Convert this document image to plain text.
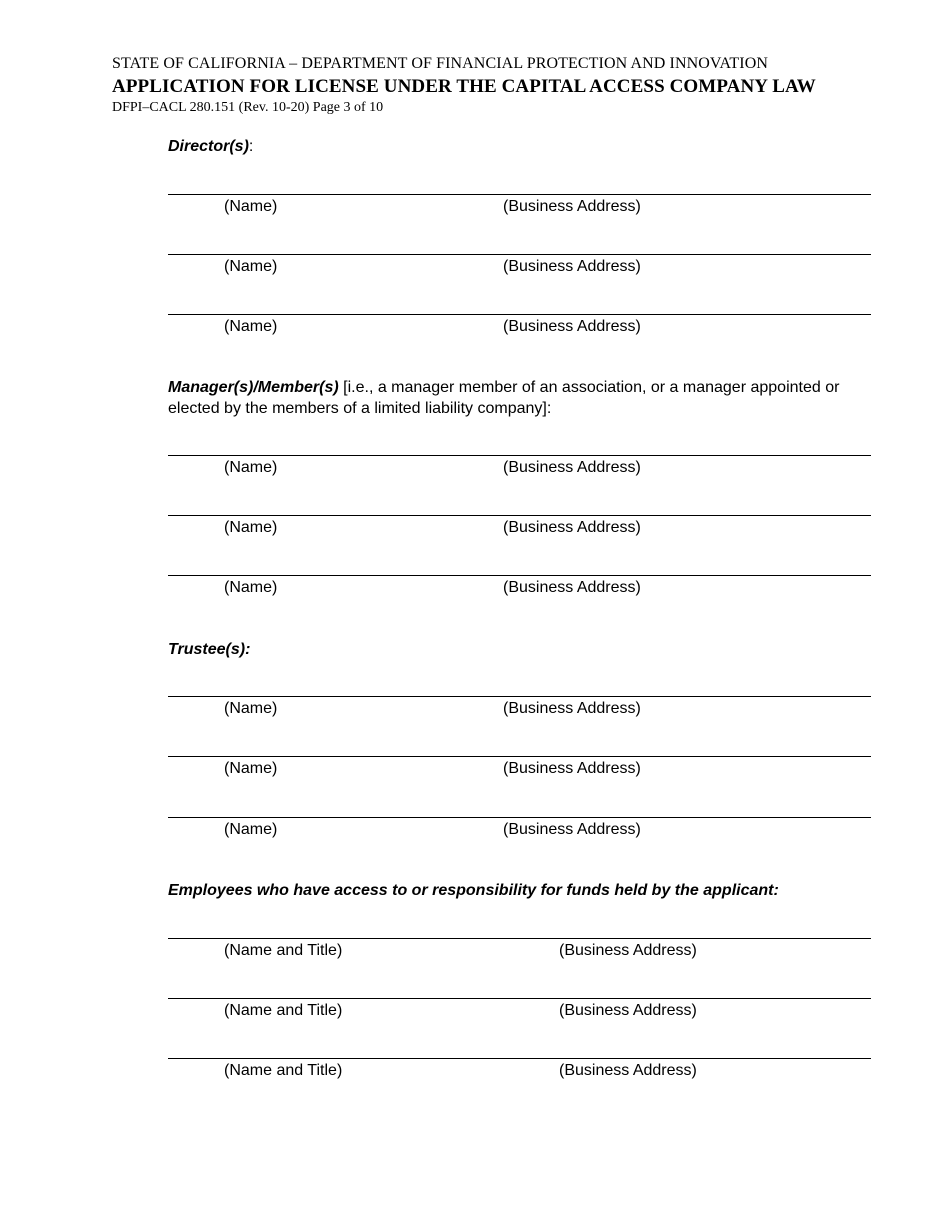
STATE OF CALIFORNIA – DEPARTMENT OF FINANCIAL PROTECTION AND INNOVATION
APPLICATION FOR LICENSE UNDER THE CAPITAL ACCESS COMPANY LAW
DFPI–CACL 280.151 (Rev. 10-20) Page 3 of 10
Director(s):
(Name)	(Business Address)
(Name)	(Business Address)
(Name)	(Business Address)
Manager(s)/Member(s) [i.e., a manager member of an association, or a manager appointed or elected by the members of a limited liability company]:
(Name)	(Business Address)
(Name)	(Business Address)
(Name)	(Business Address)
Trustee(s):
(Name)	(Business Address)
(Name)	(Business Address)
(Name)	(Business Address)
Employees who have access to or responsibility for funds held by the applicant:
(Name and Title)	(Business Address)
(Name and Title)	(Business Address)
(Name and Title)	(Business Address)
